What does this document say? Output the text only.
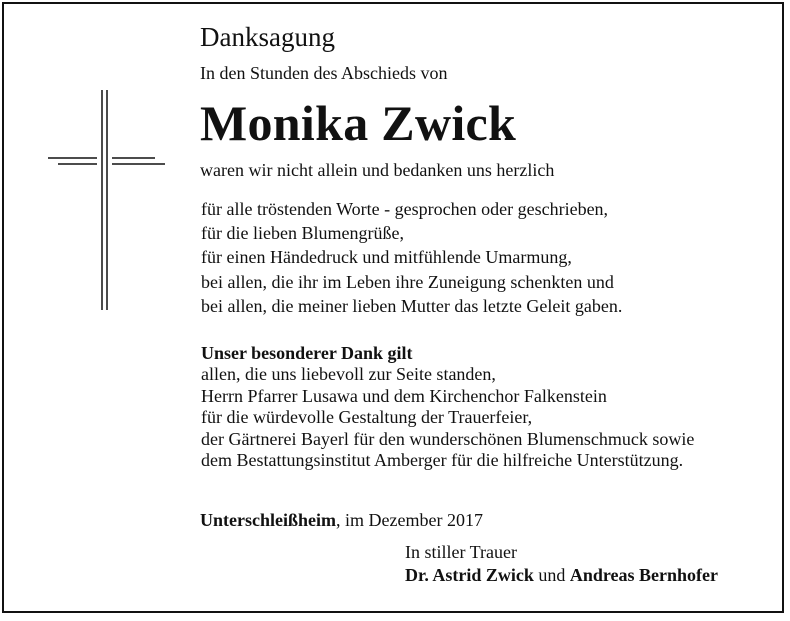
Danksagung
In den Stunden des Abschieds von
Monika Zwick
waren wir nicht allein und bedanken uns herzlich
für alle tröstenden Worte - gesprochen oder geschrieben,
für die lieben Blumengrüße,
für einen Händedruck und mitfühlende Umarmung,
bei allen, die ihr im Leben ihre Zuneigung schenkten und
bei allen, die meiner lieben Mutter das letzte Geleit gaben.
Unser besonderer Dank gilt
allen, die uns liebevoll zur Seite standen,
Herrn Pfarrer Lusawa und dem Kirchenchor Falkenstein
für die würdevolle Gestaltung der Trauerfeier,
der Gärtnerei Bayerl für den wunderschönen Blumenschmuck sowie
dem Bestattungsinstitut Amberger für die hilfreiche Unterstützung.
Unterschleißheim, im Dezember 2017
In stiller Trauer
Dr. Astrid Zwick und Andreas Bernhofer
